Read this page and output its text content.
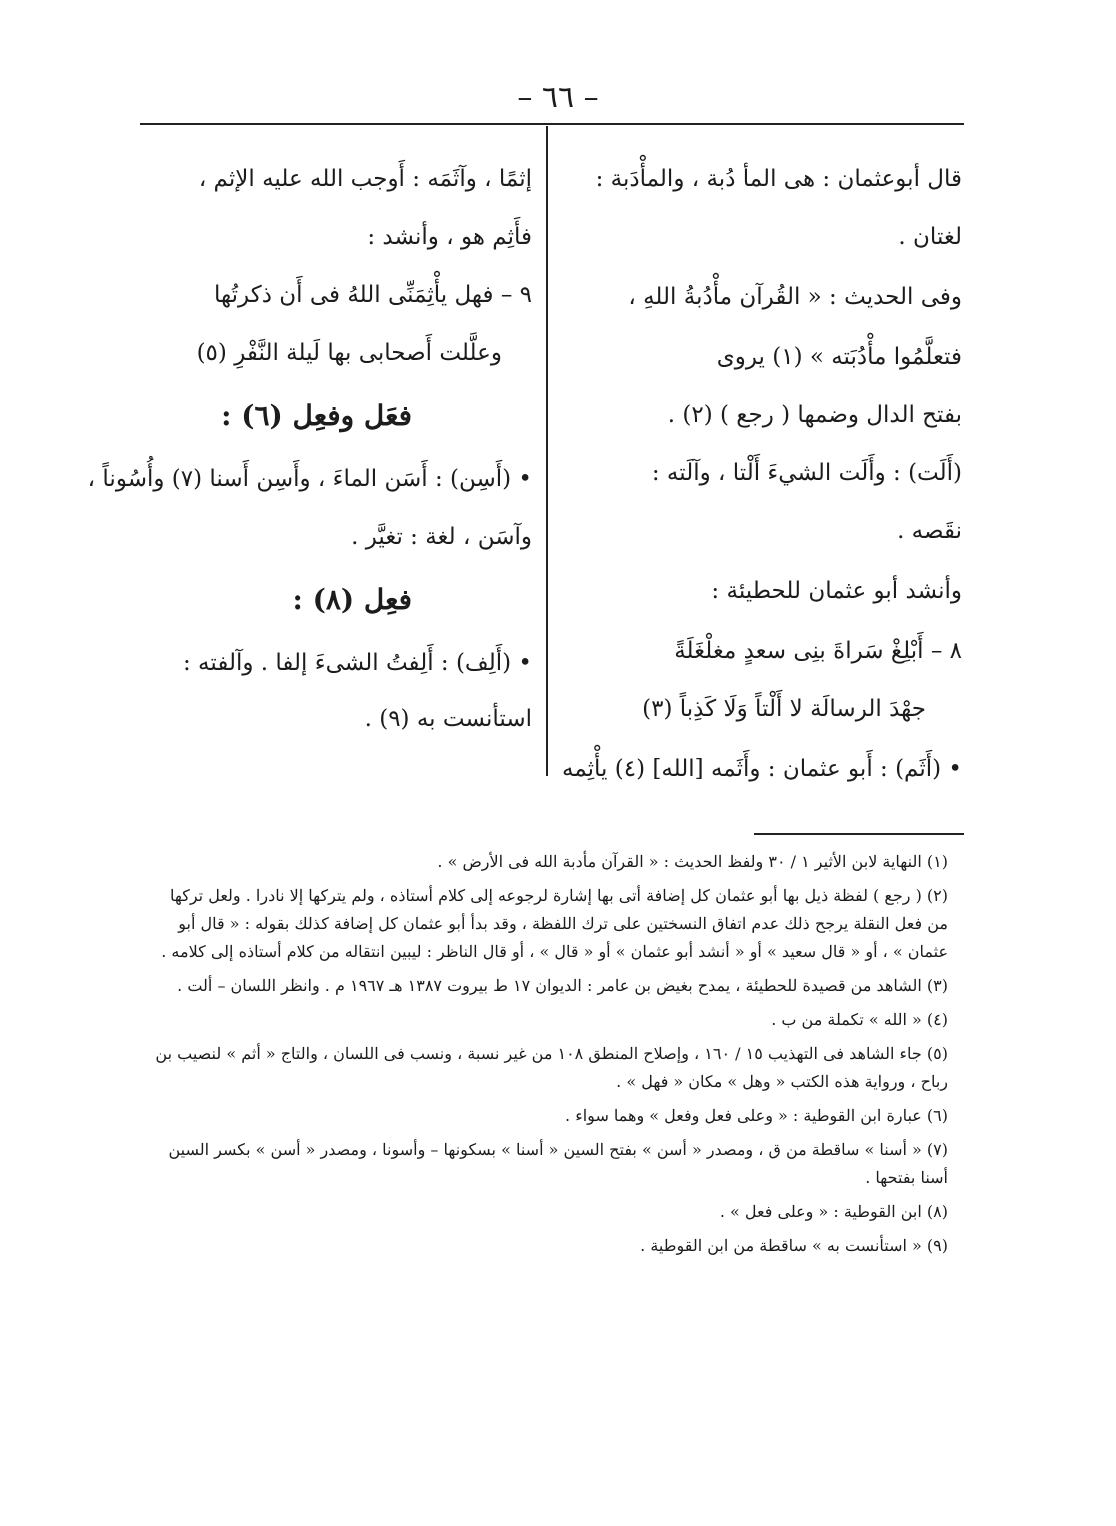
– ٦٦ –
قال أبوعثمان : هى المأ دُبة ، والمأْدَبة :
لغتان .
وفى الحديث : « القُرآن مأْدُبةُ اللهِ ،
فتعلَّمُوا مأْدُبَته » (١) يروى
بفتح الدال وضمها ( رجع ) (٢) .
(أَلَت) : وأَلَت الشيءَ أَلْتا ، وآلَته :
نقَصه .
وأنشد أبو عثمان للحطيئة :
٨ – أَبْلِغْ سَراةَ بنِى سعدٍ مغلْغَلَةً
جهْدَ الرسالَة لا أَلْتاً وَلَا كَذِباً (٣)
• (أَثَم) : أَبو عثمان : وأَثَمه [الله] (٤) يأْثِمه
إثمًا ، وآثَمَه : أَوجب الله عليه الإثم ،
فأَثِم هو ، وأنشد :
٩ – فهل يأْثِمَنِّى اللهُ فى أَن ذكرتُها
وعلَّلت أَصحابى بها لَيلة النَّفْرِ (٥)
فعَل وفعِل (٦) :
• (أَسِن) : أَسَن الماءَ ، وأَسِن أَسنا (٧) وأُسُوناً ،
وآسَن ، لغة : تغيَّر .
فعِل (٨) :
• (أَلِف) : أَلِفتُ الشىءَ إلفا . وآلفته :
استأنست به (٩) .
(١) النهاية لابن الأثير ١ / ٣٠ ولفظ الحديث : « القرآن مأدبة الله فى الأرض » .
(٢) ( رجع ) لفظة ذيل بها أبو عثمان كل إضافة أتى بها إشارة لرجوعه إلى كلام أستاذه ، ولم يتركها إلا نادرا . ولعل تركها من فعل النقلة يرجح ذلك عدم اتفاق النسختين على ترك اللفظة ، وقد بدأ أبو عثمان كل إضافة كذلك بقوله : « قال أبو عثمان » ، أو « قال سعيد » أو « أنشد أبو عثمان » أو « قال » ، أو قال الناظر : ليبين انتقاله من كلام أستاذه إلى كلامه .
(٣) الشاهد من قصيدة للحطيئة ، يمدح بغيض بن عامر : الديوان ١٧ ط بيروت ١٣٨٧ هـ ١٩٦٧ م . وانظر اللسان – ألت .
(٤) « الله » تكملة من ب .
(٥) جاء الشاهد فى التهذيب ١٥ / ١٦٠ ، وإصلاح المنطق ١٠٨ من غير نسبة ، ونسب فى اللسان ، والتاج « أثم » لنصيب بن رباح ، ورواية هذه الكتب « وهل » مكان « فهل » .
(٦) عبارة ابن القوطية : « وعلى فعل وفعل » وهما سواء .
(٧) « أسنا » ساقطة من ق ، ومصدر « أسن » بفتح السين « أسنا » بسكونها – وأسونا ، ومصدر « أسن » بكسر السين أسنا بفتحها .
(٨) ابن القوطية : « وعلى فعل » .
(٩) « استأنست به » ساقطة من ابن القوطية .
